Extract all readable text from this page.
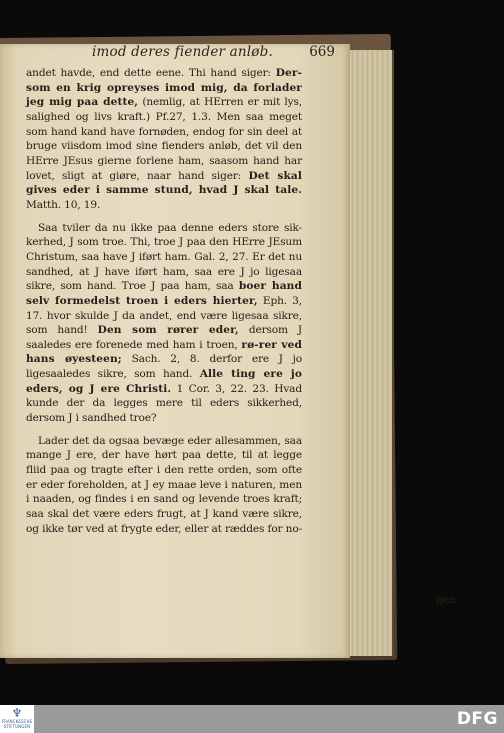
imod deres fiender anløb.	669

andet havde, end dette eene. Thi hand siger: Der-som en krig opreyses imod mig, da forlader jeg mig paa dette, (nemlig, at HErren er mit lys, salighed og livs kraft.) Pf.27, 1.3. Men saa meget som hand kand have fornøden, endog for sin deel at bruge viisdom imod sine fienders anløb, det vil den HErre JEsus gierne forlene ham, saasom hand har lovet, sligt at giøre, naar hand siger: Det skal gives eder i samme stund, hvad J skal tale. Matth. 10, 19.

Saa tviler da nu ikke paa denne eders store sik-kerhed, J som troe. Thi, troe J paa den HErre JEsum Christum, saa have J iført ham. Gal. 2, 27. Er det nu sandhed, at J have iført ham, saa ere J jo ligesaa sikre, som hand. Troe J paa ham, saa boer hand selv formedelst troen i eders hierter, Eph. 3, 17. hvor skulde J da andet, end være ligesaa sikre, som hand! Den som rører eder, dersom J saaledes ere forenede med ham i troen, rø-rer ved hans øyesteen; Sach. 2, 8. derfor ere J jo ligesaaledes sikre, som hand. Alle ting ere jo eders, og J ere Christi. 1 Cor. 3, 22. 23. Hvad kunde der da legges mere til eders sikkerhed, dersom J i sandhed troe?

Lader det da ogsaa bevæge eder allesammen, saa mange J ere, der have hørt paa dette, til at legge fliid paa og tragte efter i den rette orden, som ofte er eder foreholden, at J ey maae leve i naturen, men i naaden, og findes i en sand og levende troes kraft; saa skal det være eders frugt, at J kand være sikre, og ikke tør ved at frygte eder, eller at ræddes for no-

gen
♆
FRANCKESCHE STIFTUNGEN	DFG
